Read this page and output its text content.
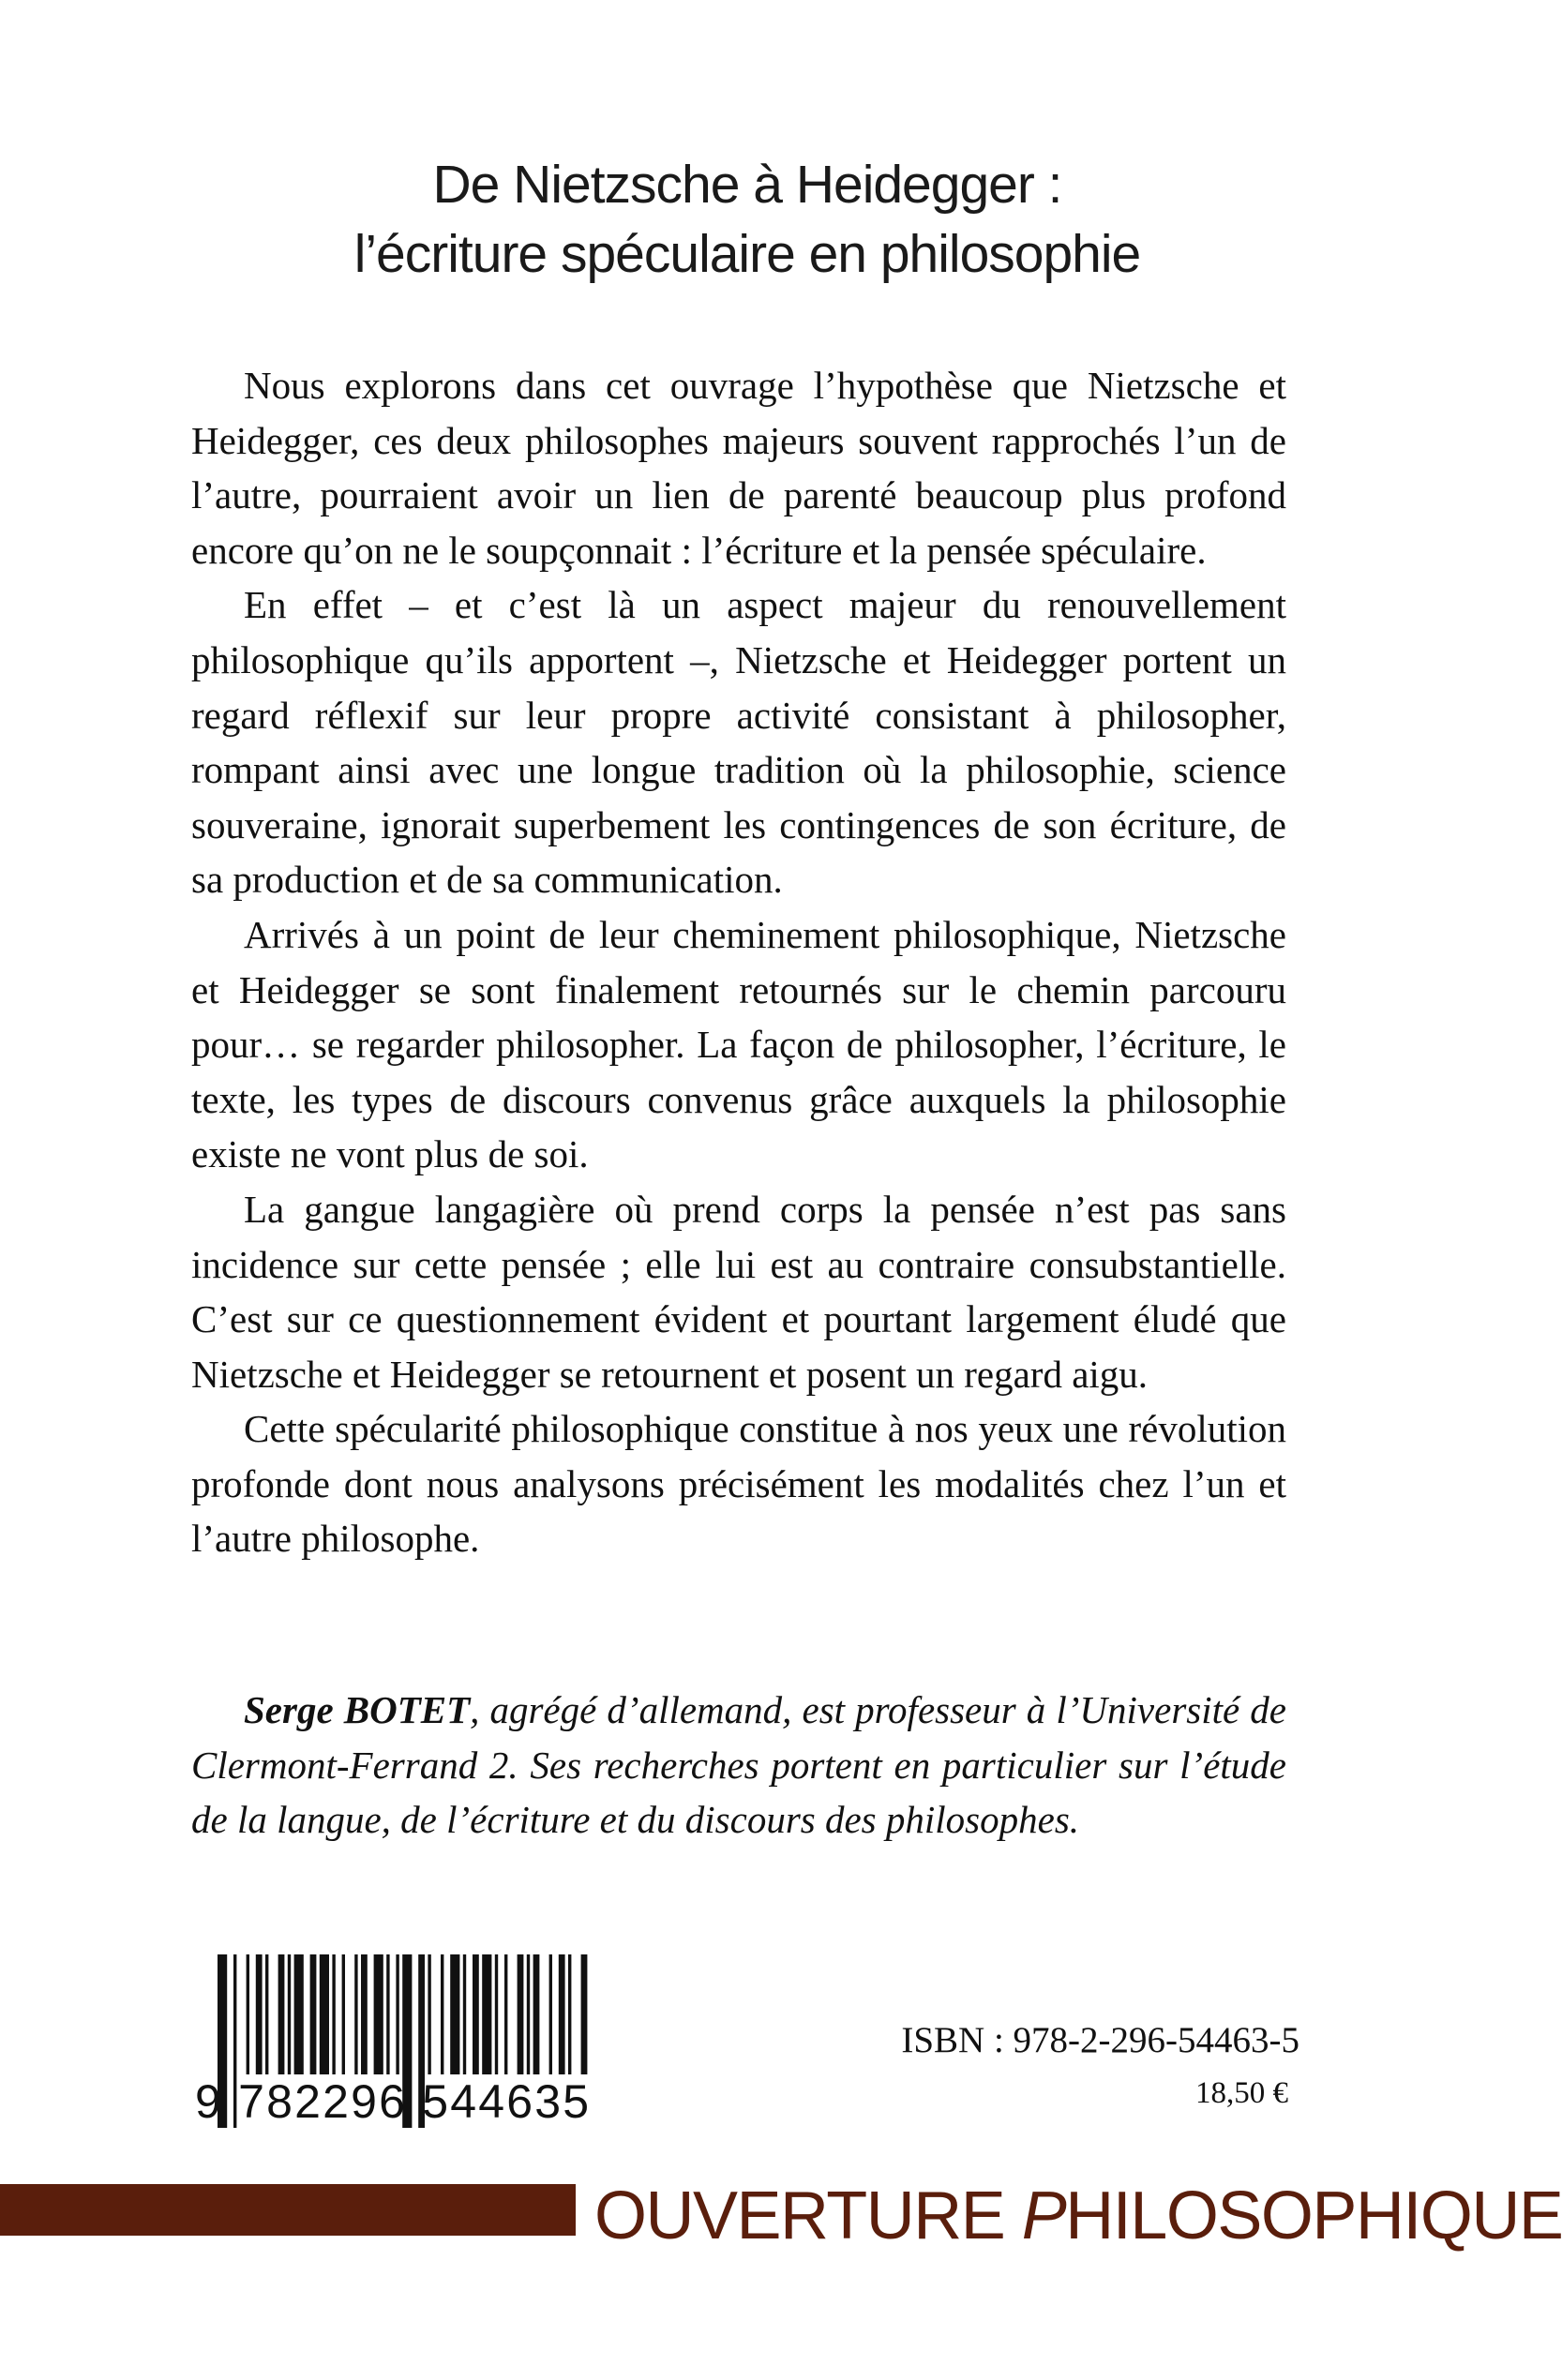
De Nietzsche à Heidegger :
l’écriture spéculaire en philosophie

Nous explorons dans cet ouvrage l’hypothèse que Nietzsche et Heidegger, ces deux philosophes majeurs souvent rapprochés l’un de l’autre, pourraient avoir un lien de parenté beaucoup plus profond encore qu’on ne le soupçonnait : l’écriture et la pensée spéculaire.

En effet – et c’est là un aspect majeur du renouvellement philosophique qu’ils apportent –, Nietzsche et Heidegger portent un regard réflexif sur leur propre activité consistant à philosopher, rompant ainsi avec une longue tradition où la philosophie, science souveraine, ignorait superbement les contingences de son écriture, de sa production et de sa communication.

Arrivés à un point de leur cheminement philosophique, Nietzsche et Heidegger se sont finalement retournés sur le chemin parcouru pour… se regarder philosopher. La façon de philosopher, l’écriture, le texte, les types de discours convenus grâce auxquels la philosophie existe ne vont plus de soi.

La gangue langagière où prend corps la pensée n’est pas sans incidence sur cette pensée ; elle lui est au contraire consubstantielle. C’est sur ce questionnement évident et pourtant largement éludé que Nietzsche et Heidegger se retournent et posent un regard aigu.

Cette spécularité philosophique constitue à nos yeux une révolution profonde dont nous analysons précisément les modalités chez l’un et l’autre philosophe.

Serge BOTET, agrégé d’allemand, est professeur à l’Université de Clermont-Ferrand 2. Ses recherches portent en particulier sur l’étude de la langue, de l’écriture et du discours des philosophes.

9 782296 544635
ISBN : 978-2-296-54463-5
18,50 €
OUVERTURE PHILOSOPHIQUE
